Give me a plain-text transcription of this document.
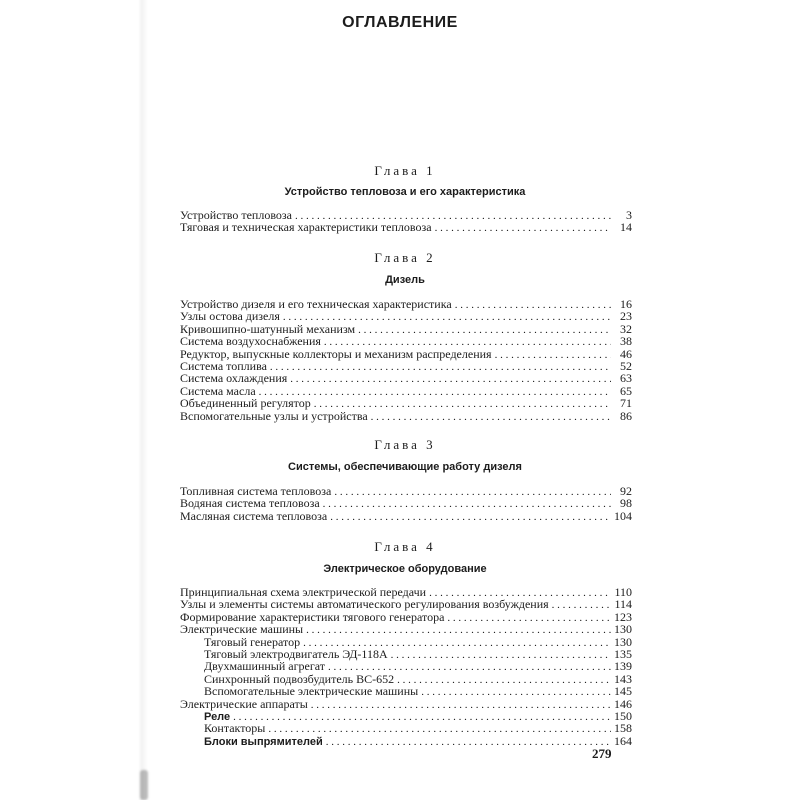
ОГЛАВЛЕНИЕ
Глава 1
Устройство тепловоза и его характеристика
Устройство тепловоза . . .	3
Тяговая и техническая характеристики тепловоза . . .	14
Глава 2
Дизель
Устройство дизеля и его техническая характеристика . . .	16
Узлы остова дизеля . . .	23
Кривошипно-шатунный механизм . . .	32
Система воздухоснабжения . . .	38
Редуктор, выпускные коллекторы и механизм распределения . . .	46
Система топлива . . .	52
Система охлаждения . . .	63
Система масла . . .	65
Объединенный регулятор . . .	71
Вспомогательные узлы и устройства . . .	86
Глава 3
Системы, обеспечивающие работу дизеля
Топливная система тепловоза . . .	92
Водяная система тепловоза . . .	98
Масляная система тепловоза . . .	104
Глава 4
Электрическое оборудование
Принципиальная схема электрической передачи . . .	110
Узлы и элементы системы автоматического регулирования возбуждения . . .	114
Формирование характеристики тягового генератора . . .	123
Электрические машины . . .	130
Тяговый генератор . . .	130
Тяговый электродвигатель ЭД-118А . . .	135
Двухмашинный агрегат . . .	139
Синхронный подвозбудитель ВС-652 . . .	143
Вспомогательные электрические машины . . .	145
Электрические аппараты . . .	146
Реле . . .	150
Контакторы . . .	158
Блоки выпрямителей . . .	164
279
